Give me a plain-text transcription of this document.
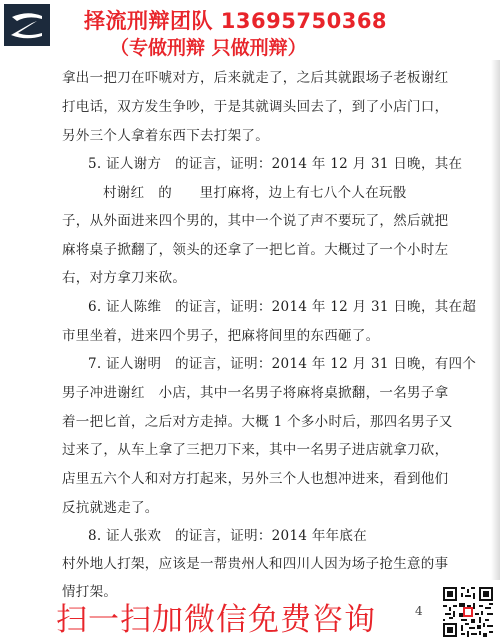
择流刑辩团队 13695750368
（专做刑辩 只做刑辩）
拿出一把刀在吓唬对方，后来就走了，之后其就跟场子老板谢红
打电话，双方发生争吵，于是其就调头回去了，到了小店门口，
另外三个人拿着东西下去打架了。
5. 证人谢方　的证言，证明：2014 年 12 月 31 日晚，其在
村谢红　的　　里打麻将，边上有七八个人在玩骰
子，从外面进来四个男的，其中一个说了声不要玩了，然后就把
麻将桌子掀翻了，领头的还拿了一把匕首。大概过了一个小时左
右，对方拿刀来砍。
6. 证人陈维　的证言，证明：2014 年 12 月 31 日晚，其在超
市里坐着，进来四个男子，把麻将间里的东西砸了。
7. 证人谢明　的证言，证明：2014 年 12 月 31 日晚，有四个
男子冲进谢红　小店，其中一名男子将麻将桌掀翻，一名男子拿
着一把匕首，之后对方走掉。大概 1 个多小时后，那四名男子又
过来了，从车上拿了三把刀下来，其中一名男子进店就拿刀砍，
店里五六个人和对方打起来，另外三个人也想冲进来，看到他们
反抗就逃走了。
8. 证人张欢　的证言，证明：2014 年年底在
村外地人打架，应该是一帮贵州人和四川人因为场子抢生意的事
情打架。
扫一扫加微信免费咨询	4
